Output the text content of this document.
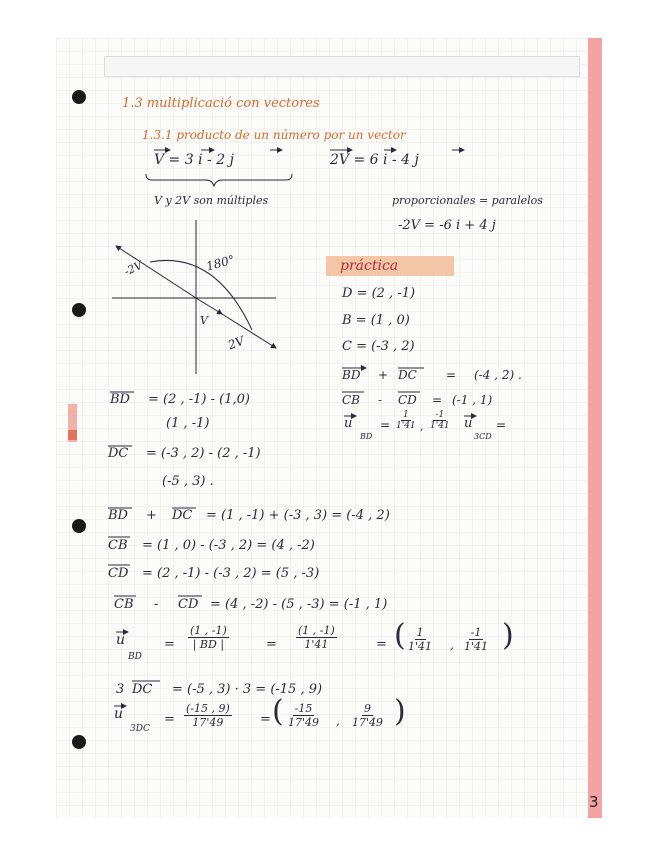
1.3 multiplicació con vectores
1.3.1 producto de un número por un vector
V = 3 i - 2 j	2V = 6 i - 4 j
V y 2V son múltiples	proporcionales = paralelos
-2V = -6 i + 4 j
-2V	180°
V
2V
práctica
D = (2 , -1)
B = (1 , 0)
C = (-3 , 2)
BD + DC = (-4 , 2) .
CB - CD = (-1 , 1)
u
BD
= $\frac{1}{1'41}$ , $\frac{-1}{1'41}$ u
3CD
=
BD = (2 , -1) - (1,0)
(1 , -1)
DC = (-3 , 2) - (2 , -1)
(-5 , 3) .
BD + DC = (1 , -1) + (-3 , 3) = (-4 , 2)
CB = (1 , 0) - (-3 , 2) = (4 , -2)
CD = (2 , -1) - (-3 , 2) = (5 , -3)
CB - CD = (4 , -2) - (5 , -3) = (-1 , 1)
u
BD
= $\frac{(1 , -1)}{| BD |}$	= $\frac{(1 , -1)}{1'41}$	= ( $\frac{1}{1'41}$ , $\frac{-1}{1'41}$ )
3 DC = (-5 , 3) · 3 = (-15 , 9)
u
3DC
= $\frac{(-15 , 9)}{17'49}$ = ( $\frac{-15}{17'49}$ , $\frac{9}{17'49}$ )
3
